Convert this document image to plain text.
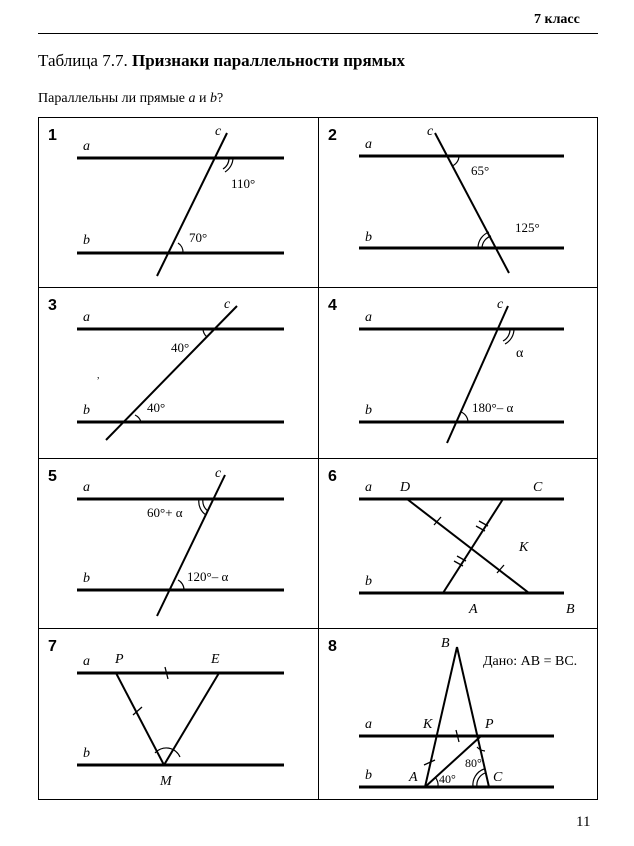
7 класс
Таблица 7.7. Признаки параллельности прямых
Параллельны ли прямые a и b?
1
a
b
c
110°
70°
2
a
b
c
65°
125°
3
,
a
b
c
40°
40°
4
a
b
c
α
180°– α
5
a
b
c
60°+ α
120°– α
6
a
b
D	C
K
A	B
7
a
b
P	E
M
8
a
b
B
K	P
A	C
40°
80°
Дано: AB = BC.
11
